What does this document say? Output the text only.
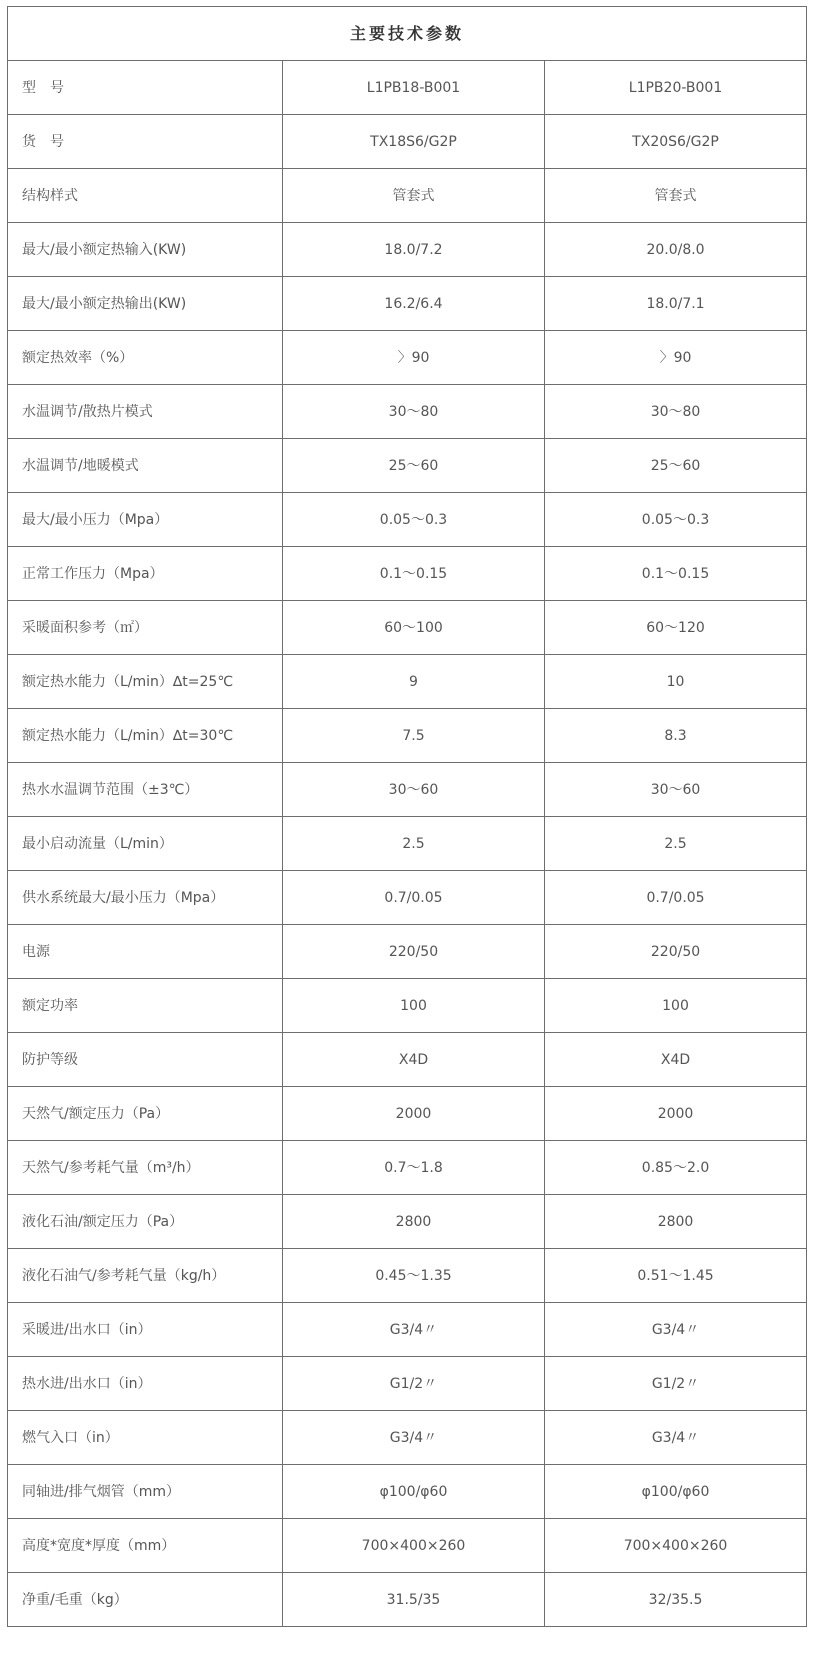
主要技术参数		
型　号	L1PB18-B001	L1PB20-B001
货　号	TX18S6/G2P	TX20S6/G2P
结构样式	管套式	管套式
最大/最小额定热输入(KW)	18.0/7.2	20.0/8.0
最大/最小额定热输出(KW)	16.2/6.4	18.0/7.1
额定热效率（%）	〉90	〉90
水温调节/散热片模式	30～80	30～80
水温调节/地暖模式	25～60	25～60
最大/最小压力（Mpa）	0.05～0.3	0.05～0.3
正常工作压力（Mpa）	0.1～0.15	0.1～0.15
采暖面积参考（㎡）	60～100	60～120
额定热水能力（L/min）∆t=25℃	9	10
额定热水能力（L/min）∆t=30℃	7.5	8.3
热水水温调节范围（±3℃）	30～60	30～60
最小启动流量（L/min）	2.5	2.5
供水系统最大/最小压力（Mpa）	0.7/0.05	0.7/0.05
电源	220/50	220/50
额定功率	100	100
防护等级	X4D	X4D
天然气/额定压力（Pa）	2000	2000
天然气/参考耗气量（m³/h）	0.7～1.8	0.85～2.0
液化石油/额定压力（Pa）	2800	2800
液化石油气/参考耗气量（kg/h）	0.45～1.35	0.51～1.45
采暖进/出水口（in）	G3/4〃	G3/4〃
热水进/出水口（in）	G1/2〃	G1/2〃
燃气入口（in）	G3/4〃	G3/4〃
同轴进/排气烟管（mm）	φ100/φ60	φ100/φ60
高度*宽度*厚度（mm）	700×400×260	700×400×260
净重/毛重（kg）	31.5/35	32/35.5
